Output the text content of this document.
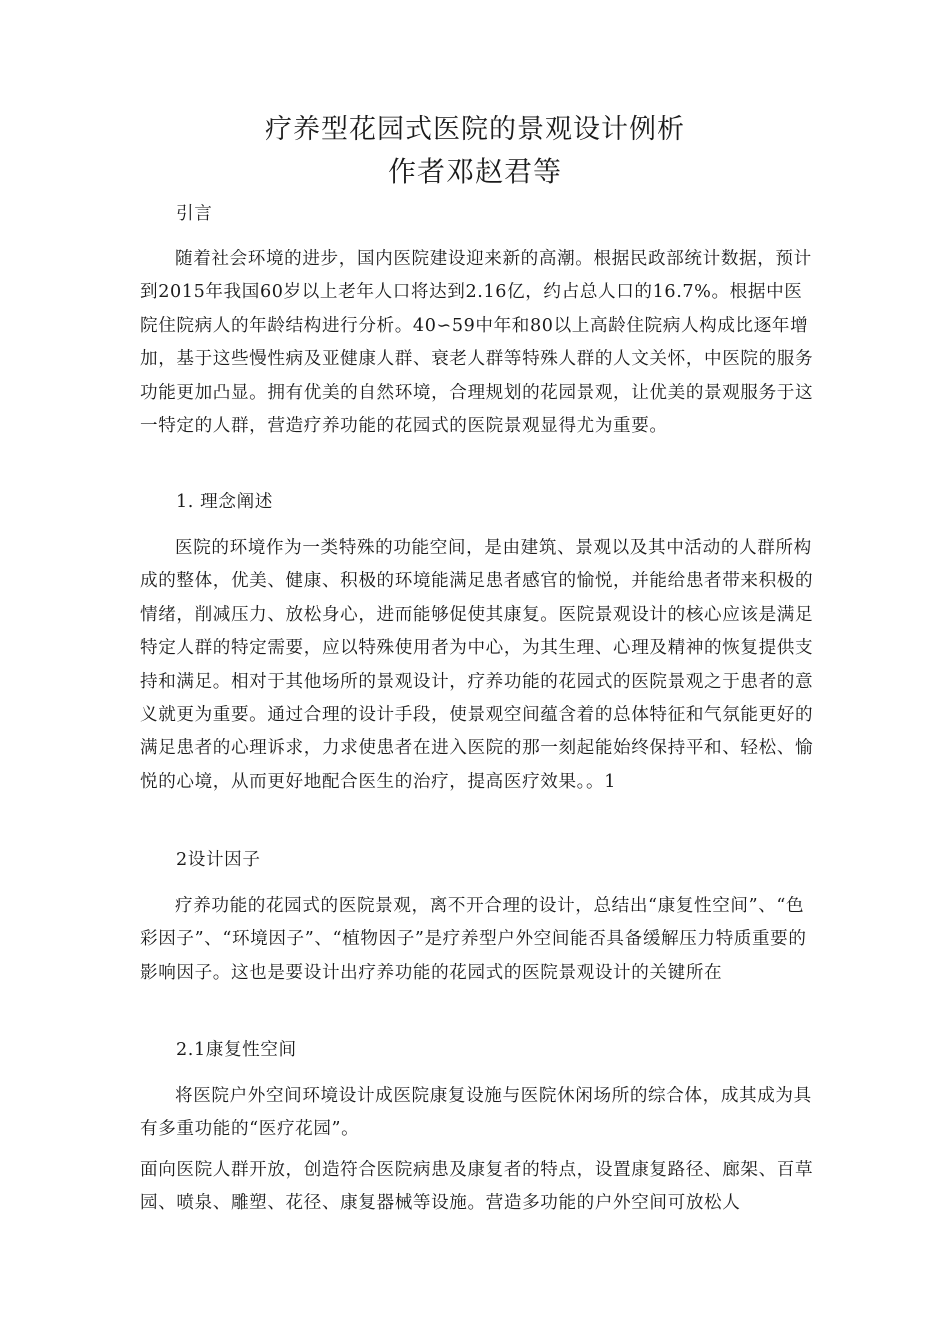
疗养型花园式医院的景观设计例析
作者邓赵君等

引言

随着社会环境的进步，国内医院建设迎来新的高潮。根据民政部统计数据，预计到2015年我国60岁以上老年人口将达到2.16亿，约占总人口的16.7%。根据中医院住院病人的年龄结构进行分析。40∽59中年和80以上高龄住院病人构成比逐年增加，基于这些慢性病及亚健康人群、衰老人群等特殊人群的人文关怀，中医院的服务功能更加凸显。拥有优美的自然环境，合理规划的花园景观，让优美的景观服务于这一特定的人群，营造疗养功能的花园式的医院景观显得尤为重要。

1. 理念阐述

医院的环境作为一类特殊的功能空间，是由建筑、景观以及其中活动的人群所构成的整体，优美、健康、积极的环境能满足患者感官的愉悦，并能给患者带来积极的情绪，削减压力、放松身心，进而能够促使其康复。医院景观设计的核心应该是满足特定人群的特定需要，应以特殊使用者为中心，为其生理、心理及精神的恢复提供支持和满足。相对于其他场所的景观设计，疗养功能的花园式的医院景观之于患者的意义就更为重要。通过合理的设计手段，使景观空间蕴含着的总体特征和气氛能更好的满足患者的心理诉求，力求使患者在进入医院的那一刻起能始终保持平和、轻松、愉悦的心境，从而更好地配合医生的治疗，提高医疗效果。。1

2设计因子

疗养功能的花园式的医院景观，离不开合理的设计，总结出“康复性空间”、“色彩因子”、“环境因子”、“植物因子”是疗养型户外空间能否具备缓解压力特质重要的影响因子。这也是要设计出疗养功能的花园式的医院景观设计的关键所在

2.1康复性空间

将医院户外空间环境设计成医院康复设施与医院休闲场所的综合体，成其成为具有多重功能的“医疗花园”。

面向医院人群开放，创造符合医院病患及康复者的特点，设置康复路径、廊架、百草园、喷泉、雕塑、花径、康复器械等设施。营造多功能的户外空间可放松人
